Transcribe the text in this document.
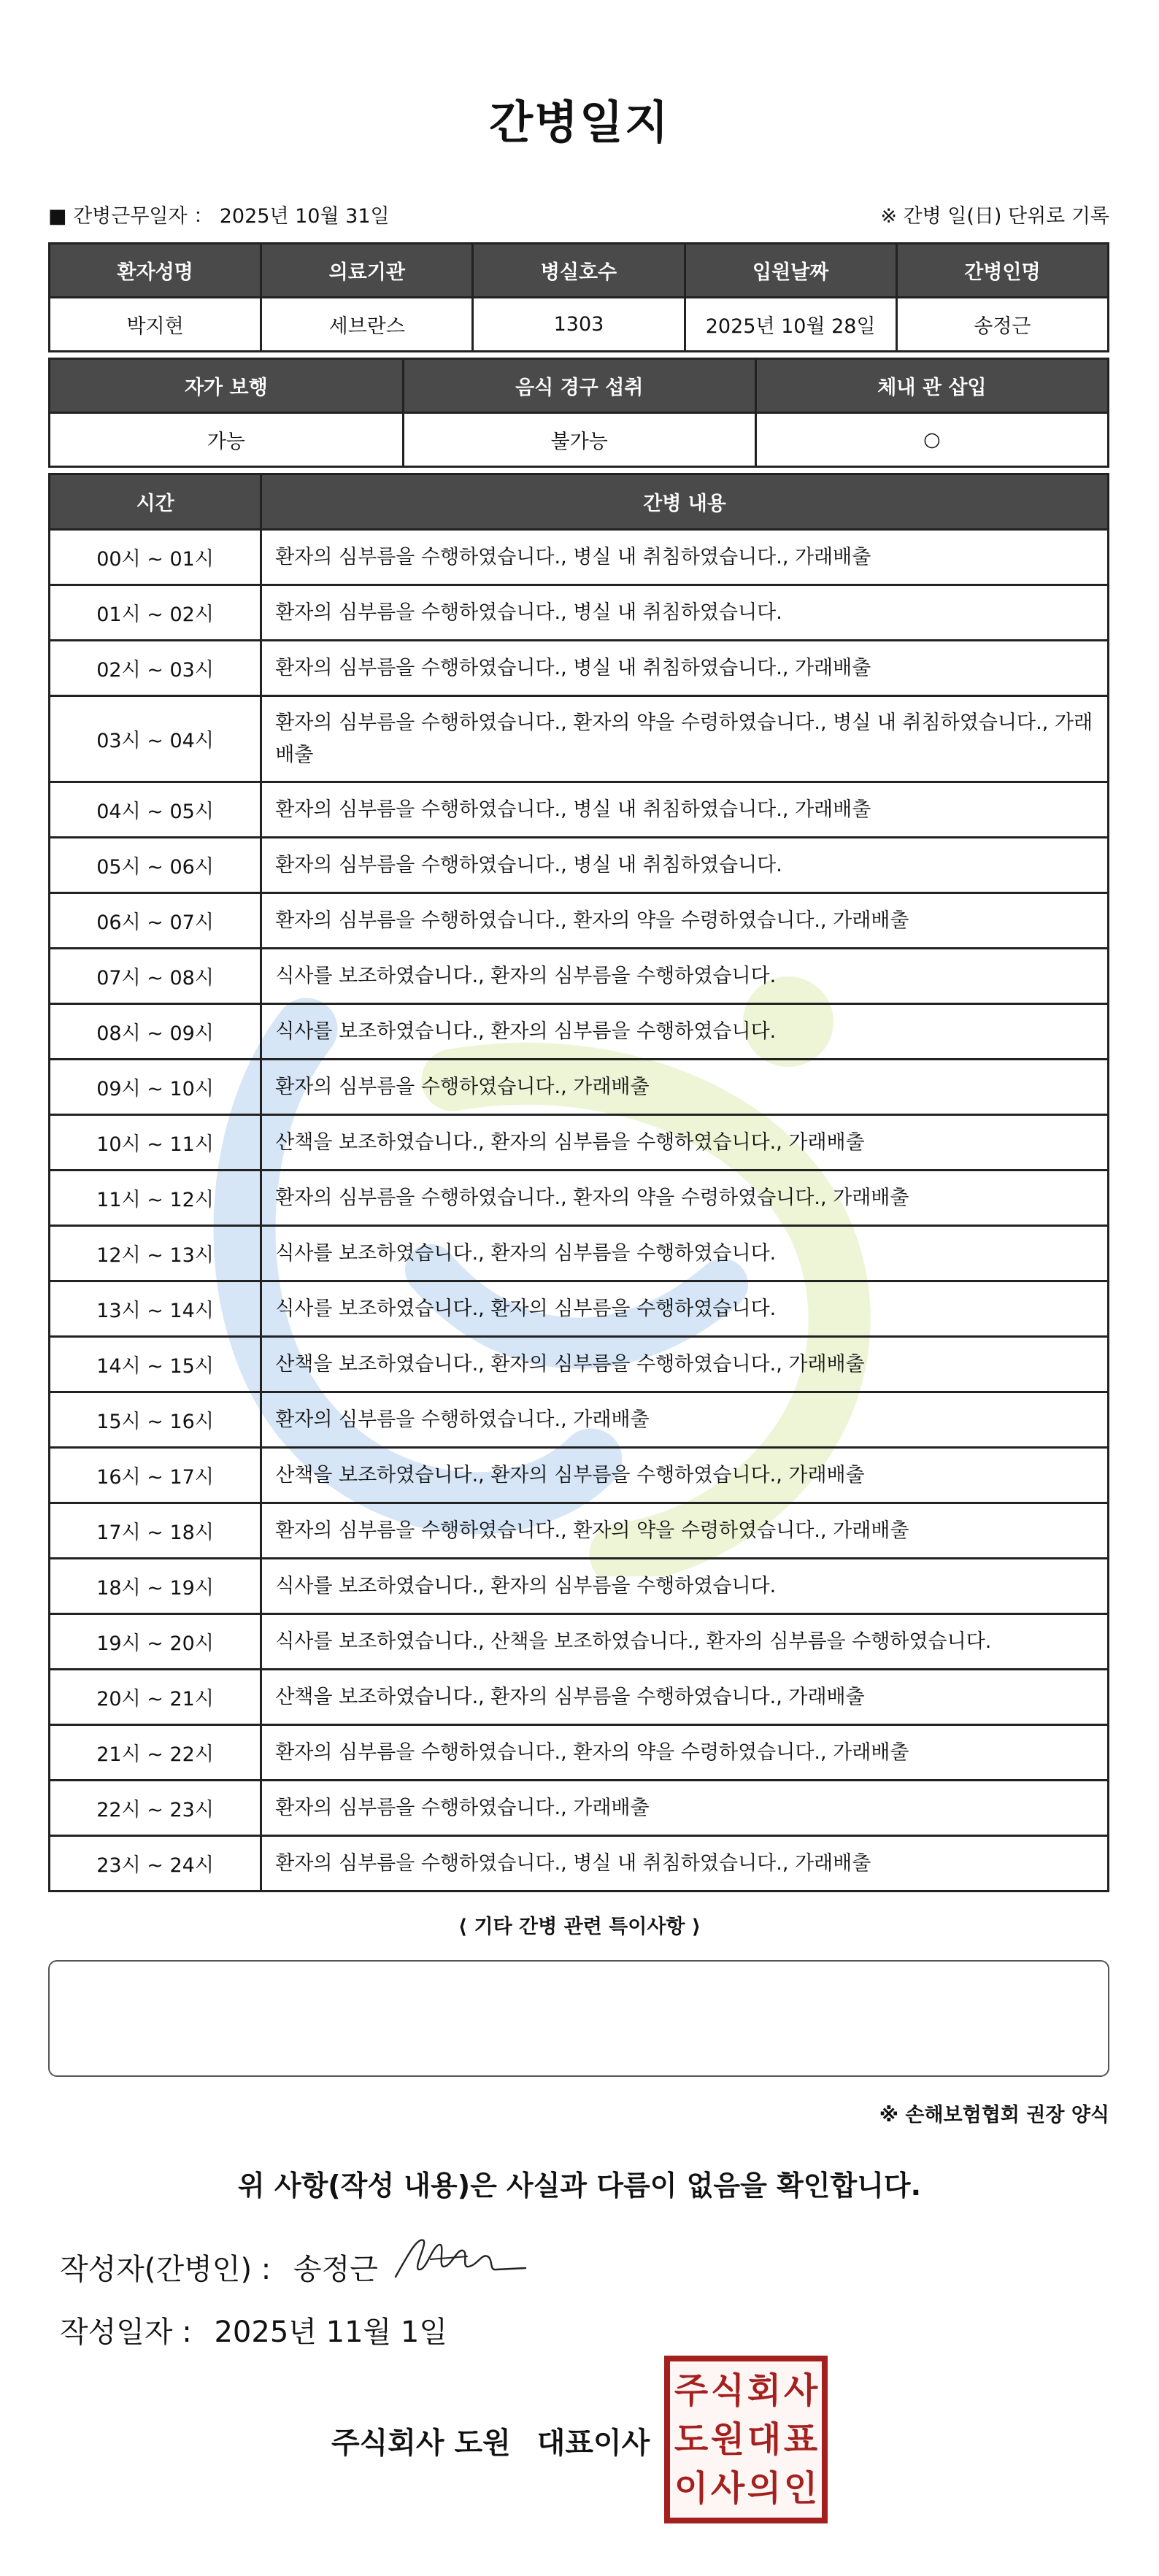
간병일지
■ 간병근무일자 ： 2025년 10월 31일	※ 간병 일(日) 단위로 기록
환자성명	의료기관	병실호수	입원날짜	간병인명
박지현	세브란스	1303	2025년 10월 28일	송정근
자가 보행	음식 경구 섭취	체내 관 삽입
가능	불가능	○
시간	간병 내용
00시 ~ 01시	환자의 심부름을 수행하였습니다., 병실 내 취침하였습니다., 가래배출
01시 ~ 02시	환자의 심부름을 수행하였습니다., 병실 내 취침하였습니다.
02시 ~ 03시	환자의 심부름을 수행하였습니다., 병실 내 취침하였습니다., 가래배출
03시 ~ 04시	환자의 심부름을 수행하였습니다., 환자의 약을 수령하였습니다., 병실 내 취침하였습니다., 가래배출
04시 ~ 05시	환자의 심부름을 수행하였습니다., 병실 내 취침하였습니다., 가래배출
05시 ~ 06시	환자의 심부름을 수행하였습니다., 병실 내 취침하였습니다.
06시 ~ 07시	환자의 심부름을 수행하였습니다., 환자의 약을 수령하였습니다., 가래배출
07시 ~ 08시	식사를 보조하였습니다., 환자의 심부름을 수행하였습니다.
08시 ~ 09시	식사를 보조하였습니다., 환자의 심부름을 수행하였습니다.
09시 ~ 10시	환자의 심부름을 수행하였습니다., 가래배출
10시 ~ 11시	산책을 보조하였습니다., 환자의 심부름을 수행하였습니다., 가래배출
11시 ~ 12시	환자의 심부름을 수행하였습니다., 환자의 약을 수령하였습니다., 가래배출
12시 ~ 13시	식사를 보조하였습니다., 환자의 심부름을 수행하였습니다.
13시 ~ 14시	식사를 보조하였습니다., 환자의 심부름을 수행하였습니다.
14시 ~ 15시	산책을 보조하였습니다., 환자의 심부름을 수행하였습니다., 가래배출
15시 ~ 16시	환자의 심부름을 수행하였습니다., 가래배출
16시 ~ 17시	산책을 보조하였습니다., 환자의 심부름을 수행하였습니다., 가래배출
17시 ~ 18시	환자의 심부름을 수행하였습니다., 환자의 약을 수령하였습니다., 가래배출
18시 ~ 19시	식사를 보조하였습니다., 환자의 심부름을 수행하였습니다.
19시 ~ 20시	식사를 보조하였습니다., 산책을 보조하였습니다., 환자의 심부름을 수행하였습니다.
20시 ~ 21시	산책을 보조하였습니다., 환자의 심부름을 수행하였습니다., 가래배출
21시 ~ 22시	환자의 심부름을 수행하였습니다., 환자의 약을 수령하였습니다., 가래배출
22시 ~ 23시	환자의 심부름을 수행하였습니다., 가래배출
23시 ~ 24시	환자의 심부름을 수행하였습니다., 병실 내 취침하였습니다., 가래배출
⟨ 기타 간병 관련 특이사항 ⟩
※ 손해보험협회 권장 양식
위 사항(작성 내용)은 사실과 다름이 없음을 확인합니다.
작성자(간병인) : 송정근
작성일자 : 2025년 11월 1일
주식회사 도원 대표이사
주 식 회 사
도 원 대 표
이 사 의 인
